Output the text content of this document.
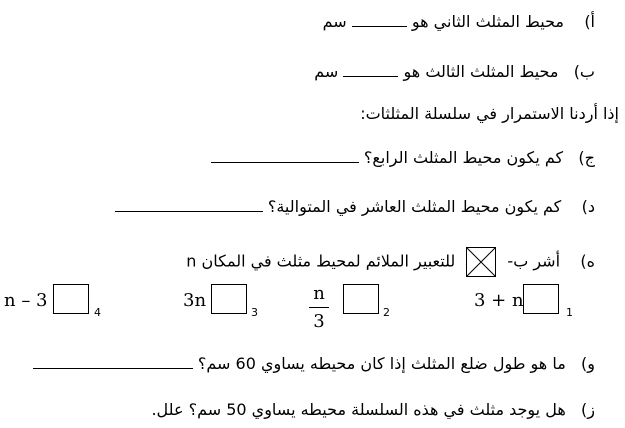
أ)    محيط المثلث الثاني هو  سم
ب)   محيط المثلث الثالث هو  سم
إذا أردنا الاستمرار في سلسلة المثلثات:
ج)   كم يكون محيط المثلث الرابع؟
د)    كم يكون محيط المثلث العاشر في المتوالية؟
ه)    أشر ب-  للتعبير الملائم لمحيط مثلث في المكان n
1
3 + n
2
n
3
3
3n
4
n – 3
و)   ما هو طول ضلع المثلث إذا كان محيطه يساوي 60 سم؟
ز)   هل يوجد مثلث في هذه السلسلة محيطه يساوي 50 سم؟ علل.
